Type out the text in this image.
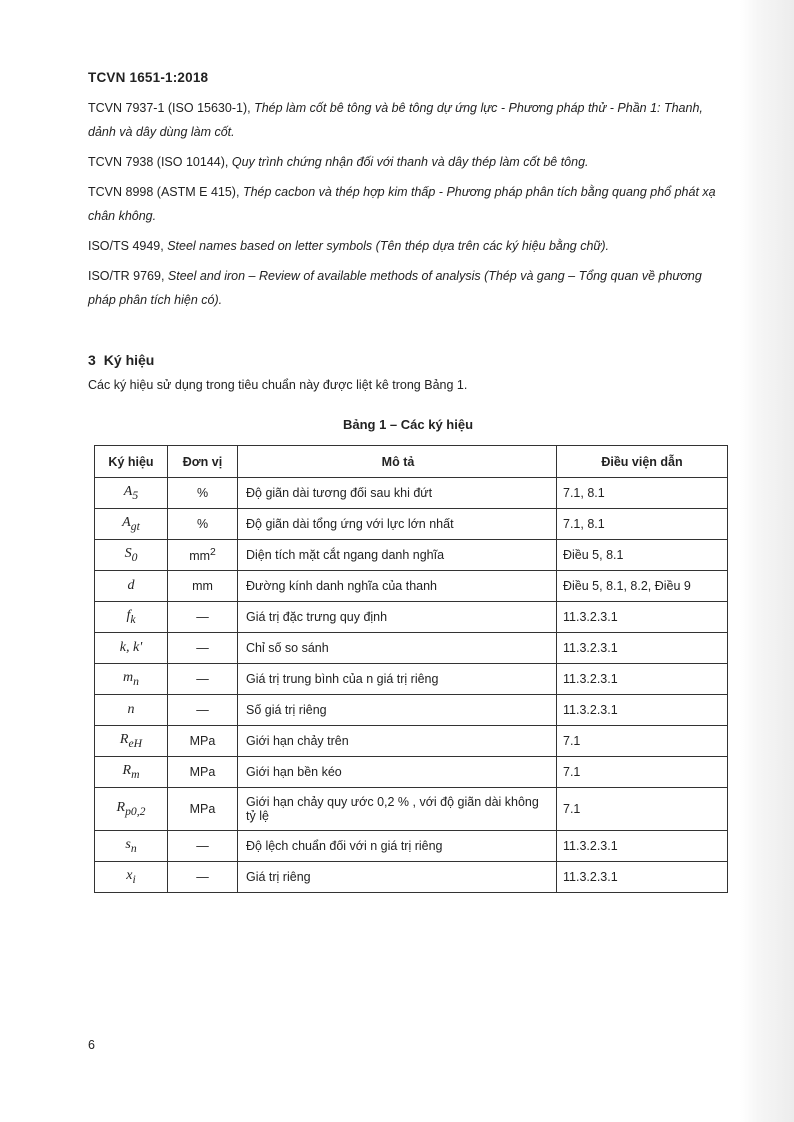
TCVN 1651-1:2018
TCVN 7937-1 (ISO 15630-1), Thép làm cốt bê tông và bê tông dự ứng lực - Phương pháp thử - Phần 1: Thanh, dảnh và dây dùng làm cốt.
TCVN 7938 (ISO 10144), Quy trình chứng nhận đối với thanh và dây thép làm cốt bê tông.
TCVN 8998 (ASTM E 415), Thép cacbon và thép hợp kim thấp - Phương pháp phân tích bằng quang phổ phát xạ chân không.
ISO/TS 4949, Steel names based on letter symbols (Tên thép dựa trên các ký hiệu bằng chữ).
ISO/TR 9769, Steel and iron – Review of available methods of analysis (Thép và gang – Tổng quan về phương pháp phân tích hiện có).
3 Ký hiệu
Các ký hiệu sử dụng trong tiêu chuẩn này được liệt kê trong Bảng 1.
Bảng 1 – Các ký hiệu
Ký hiệu	Đơn vị	Mô tả	Điều viện dẫn
$A_5$	%	Độ giãn dài tương đối sau khi đứt	7.1, 8.1
$A_{gt}$	%	Độ giãn dài tổng ứng với lực lớn nhất	7.1, 8.1
$S_0$	$mm^2$	Diện tích mặt cắt ngang danh nghĩa	Điều 5, 8.1
d	mm	Đường kính danh nghĩa của thanh	Điều 5, 8.1, 8.2, Điều 9
$f_k$	—	Giá trị đặc trưng quy định	11.3.2.3.1
k, k'	—	Chỉ số so sánh	11.3.2.3.1
$m_n$	—	Giá trị trung bình của n giá trị riêng	11.3.2.3.1
n	—	Số giá trị riêng	11.3.2.3.1
$R_{eH}$	MPa	Giới hạn chảy trên	7.1
$R_m$	MPa	Giới hạn bền kéo	7.1
$R_{p0,2}$	MPa	Giới hạn chảy quy ước 0,2 % , với độ giãn dài không tỷ lệ	7.1
$s_n$	—	Độ lệch chuẩn đối với n giá trị riêng	11.3.2.3.1
$x_i$	—	Giá trị riêng	11.3.2.3.1
6
